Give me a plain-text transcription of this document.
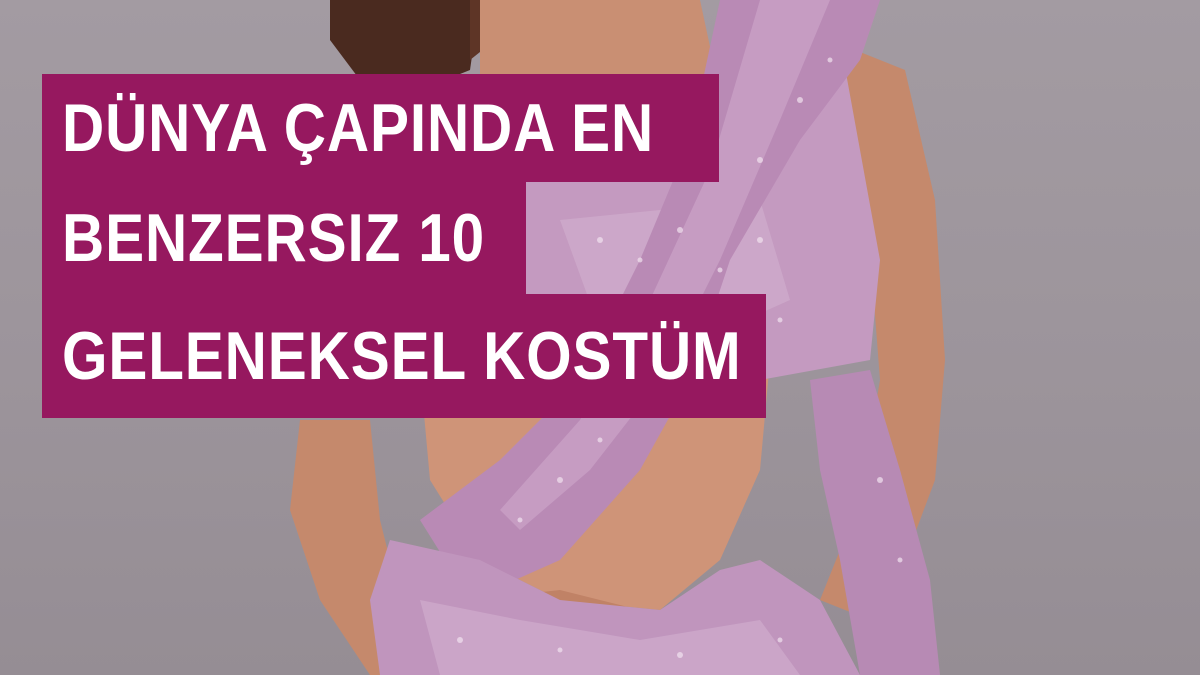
DÜNYA ÇAPINDA EN
BENZERSIZ 10
GELENEKSEL KOSTÜM
